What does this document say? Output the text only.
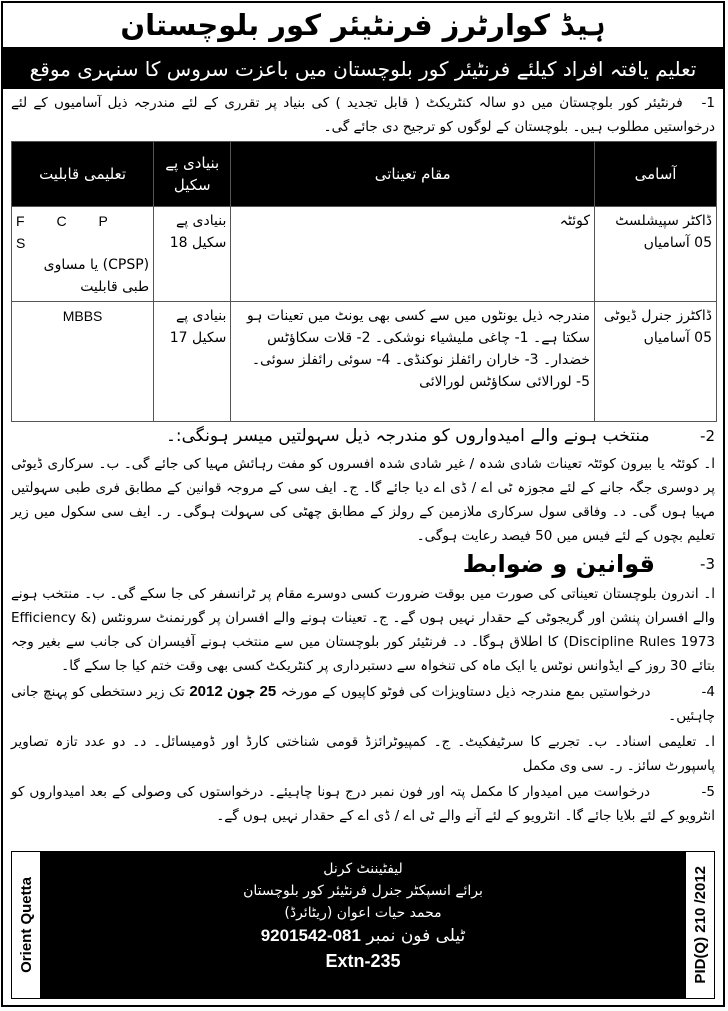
ہیڈ کوارٹرز فرنٹیئر کور بلوچستان
تعلیم یافتہ افراد کیلئے فرنٹیئر کور بلوچستان میں باعزت سروس کا سنہری موقع
1- فرنٹیئر کور بلوچستان میں دو سالہ کنٹریکٹ ( قابل تجدید ) کی بنیاد پر تقرری کے لئے مندرجہ ذیل آسامیوں کے لئے درخواستیں مطلوب ہیں۔ بلوچستان کے لوگوں کو ترجیح دی جائے گی۔
آسامی	مقام تعیناتی	بنیادی پے سکیل	تعلیمی قابلیت
ڈاکٹر سپیشلسٹ 05 آسامیاں	کوئٹہ	بنیادی پے سکیل 18	F C P S
(CPSP) یا مساوی طبی قابلیت

ڈاکٹرز جنرل ڈیوٹی 05 آسامیاں	مندرجہ ذیل یونٹوں میں سے کسی بھی یونٹ میں تعینات ہو سکتا ہے۔ 1- چاغی ملیشیاء نوشکی۔ 2- قلات سکاؤٹس خضدار۔ 3- خاران رائفلز نوکنڈی۔ 4- سوئی رائفلز سوئی۔ 5- لورالائی سکاؤٹس لورالائی	بنیادی پے سکیل 17	MBBS
2- منتخب ہونے والے امیدواروں کو مندرجہ ذیل سہولتیں میسر ہونگی:۔
ا۔ کوئٹہ یا بیرون کوئٹہ تعینات شادی شدہ / غیر شادی شدہ افسروں کو مفت رہائش مہیا کی جائے گی۔ ب۔ سرکاری ڈیوٹی پر دوسری جگہ جانے کے لئے مجوزہ ٹی اے / ڈی اے دیا جائے گا۔ ج۔ ایف سی کے مروجہ قوانین کے مطابق فری طبی سہولتیں مہیا ہوں گی۔ د۔ وفاقی سول سرکاری ملازمین کے رولز کے مطابق چھٹی کی سہولت ہوگی۔ ر۔ ایف سی سکول میں زیر تعلیم بچوں کے لئے فیس میں 50 فیصد رعایت ہوگی۔
3-
قوانین و ضوابط
ا۔ اندرون بلوچستان تعیناتی کی صورت میں بوقت ضرورت کسی دوسرے مقام پر ٹرانسفر کی جا سکے گی۔ ب۔ منتخب ہونے والے افسران پنشن اور گریجوٹی کے حقدار نہیں ہوں گے۔ ج۔ تعینات ہونے والے افسران پر گورنمنٹ سرونٹس (Efficiency & Discipline Rules 1973) کا اطلاق ہوگا۔ د۔ فرنٹیئر کور بلوچستان میں سے منتخب ہونے آفیسران کی جانب سے بغیر وجہ بتائے 30 روز کے ایڈوانس نوٹس یا ایک ماہ کی تنخواہ سے دستبرداری پر کنٹریکٹ کسی بھی وقت ختم کیا جا سکے گا۔
4- درخواستیں بمع مندرجہ ذیل دستاویزات کی فوٹو کاپیوں کے مورخہ 25 جون 2012 تک زیر دستخطی کو پہنچ جانی چاہئیں۔
ا۔ تعلیمی اسناد۔ ب۔ تجربے کا سرٹیفکیٹ۔ ج۔ کمپیوٹرائزڈ قومی شناختی کارڈ اور ڈومیسائل۔ د۔ دو عدد تازہ تصاویر پاسپورٹ سائز۔ ر۔ سی وی مکمل
5- درخواست میں امیدوار کا مکمل پتہ اور فون نمبر درج ہونا چاہیئے۔ درخواستوں کی وصولی کے بعد امیدواروں کو انٹرویو کے لئے بلایا جائے گا۔ انٹرویو کے لئے آنے والے ٹی اے / ڈی اے کے حقدار نہیں ہوں گے۔
Orient Quetta
لیفٹیننٹ کرنل
برائے انسپکٹر جنرل فرنٹیئر کور بلوچستان
محمد حیات اعوان (ریٹائرڈ)
ٹیلی فون نمبر 081-9201542
Extn-235	PID(Q) 210 /2012
